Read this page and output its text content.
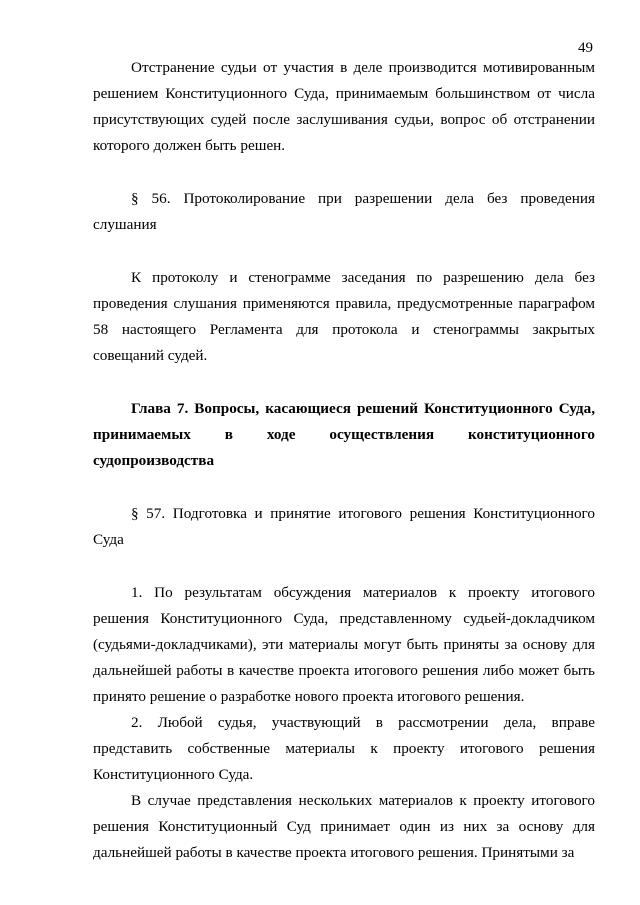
49

Отстранение судьи от участия в деле производится мотивированным решением Конституционного Суда, принимаемым большинством от числа присутствующих судей после заслушивания судьи, вопрос об отстранении которого должен быть решен.

§ 56. Протоколирование при разрешении дела без проведения слушания

К протоколу и стенограмме заседания по разрешению дела без проведения слушания применяются правила, предусмотренные параграфом 58 настоящего Регламента для протокола и стенограммы закрытых совещаний судей.

Глава 7. Вопросы, касающиеся решений Конституционного Суда, принимаемых в ходе осуществления конституционного судопроизводства

§ 57. Подготовка и принятие итогового решения Конституционного Суда

1. По результатам обсуждения материалов к проекту итогового решения Конституционного Суда, представленному судьей-докладчиком (судьями-докладчиками), эти материалы могут быть приняты за основу для дальнейшей работы в качестве проекта итогового решения либо может быть принято решение о разработке нового проекта итогового решения.

2. Любой судья, участвующий в рассмотрении дела, вправе представить собственные материалы к проекту итогового решения Конституционного Суда.

В случае представления нескольких материалов к проекту итогового решения Конституционный Суд принимает один из них за основу для дальнейшей работы в качестве проекта итогового решения. Принятыми за
